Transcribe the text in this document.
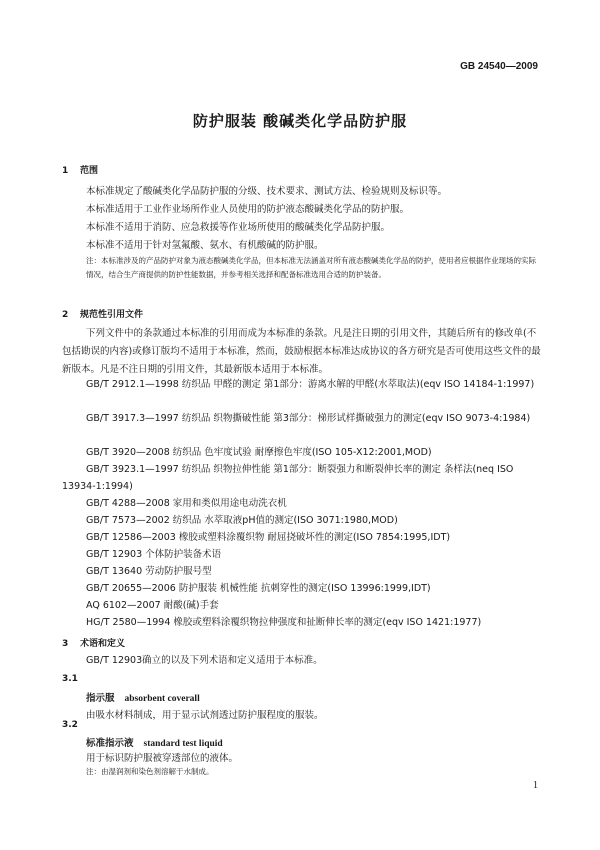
GB 24540—2009
防护服装 酸碱类化学品防护服
1 范围
本标准规定了酸碱类化学品防护服的分级、技术要求、测试方法、检验规则及标识等。
本标准适用于工业作业场所作业人员使用的防护液态酸碱类化学品的防护服。
本标准不适用于消防、应急救援等作业场所使用的酸碱类化学品防护服。
本标准不适用于针对氢氟酸、氨水、有机酸碱的防护服。
注：本标准涉及的产品防护对象为液态酸碱类化学品，但本标准无法涵盖对所有液态酸碱类化学品的防护，使用者应根据作业现场的实际情况，结合生产商提供的防护性能数据，并参考相关选择和配备标准选用合适的防护装备。
2 规范性引用文件
下列文件中的条款通过本标准的引用而成为本标准的条款。凡是注日期的引用文件，其随后所有的修改单(不包括勘误的内容)或修订版均不适用于本标准，然而，鼓励根据本标准达成协议的各方研究是否可使用这些文件的最新版本。凡是不注日期的引用文件，其最新版本适用于本标准。
GB/T 2912.1—1998 纺织品 甲醛的测定 第1部分：游离水解的甲醛(水萃取法)(eqv ISO 14184-1:1997)
GB/T 3917.3—1997 纺织品 织物撕破性能 第3部分：梯形试样撕破强力的测定(eqv ISO 9073-4:1984)
GB/T 3920—2008 纺织品 色牢度试验 耐摩擦色牢度(ISO 105-X12:2001,MOD)
GB/T 3923.1—1997 纺织品 织物拉伸性能 第1部分：断裂强力和断裂伸长率的测定 条样法(neq ISO 13934-1:1994)
GB/T 4288—2008 家用和类似用途电动洗衣机
GB/T 7573—2002 纺织品 水萃取液pH值的测定(ISO 3071:1980,MOD)
GB/T 12586—2003 橡胶或塑料涂覆织物 耐屈挠破坏性的测定(ISO 7854:1995,IDT)
GB/T 12903 个体防护装备术语
GB/T 13640 劳动防护服号型
GB/T 20655—2006 防护服装 机械性能 抗刺穿性的测定(ISO 13996:1999,IDT)
AQ 6102—2007 耐酸(碱)手套
HG/T 2580—1994 橡胶或塑料涂覆织物拉伸强度和扯断伸长率的测定(eqv ISO 1421:1977)
3 术语和定义
GB/T 12903确立的以及下列术语和定义适用于本标准。
3.1
指示服 absorbent coverall
由吸水材料制成，用于显示试剂透过防护服程度的服装。
3.2
标准指示液 standard test liquid
用于标识防护服被穿透部位的液体。
注：由湿润剂和染色剂溶解于水制成。
1
